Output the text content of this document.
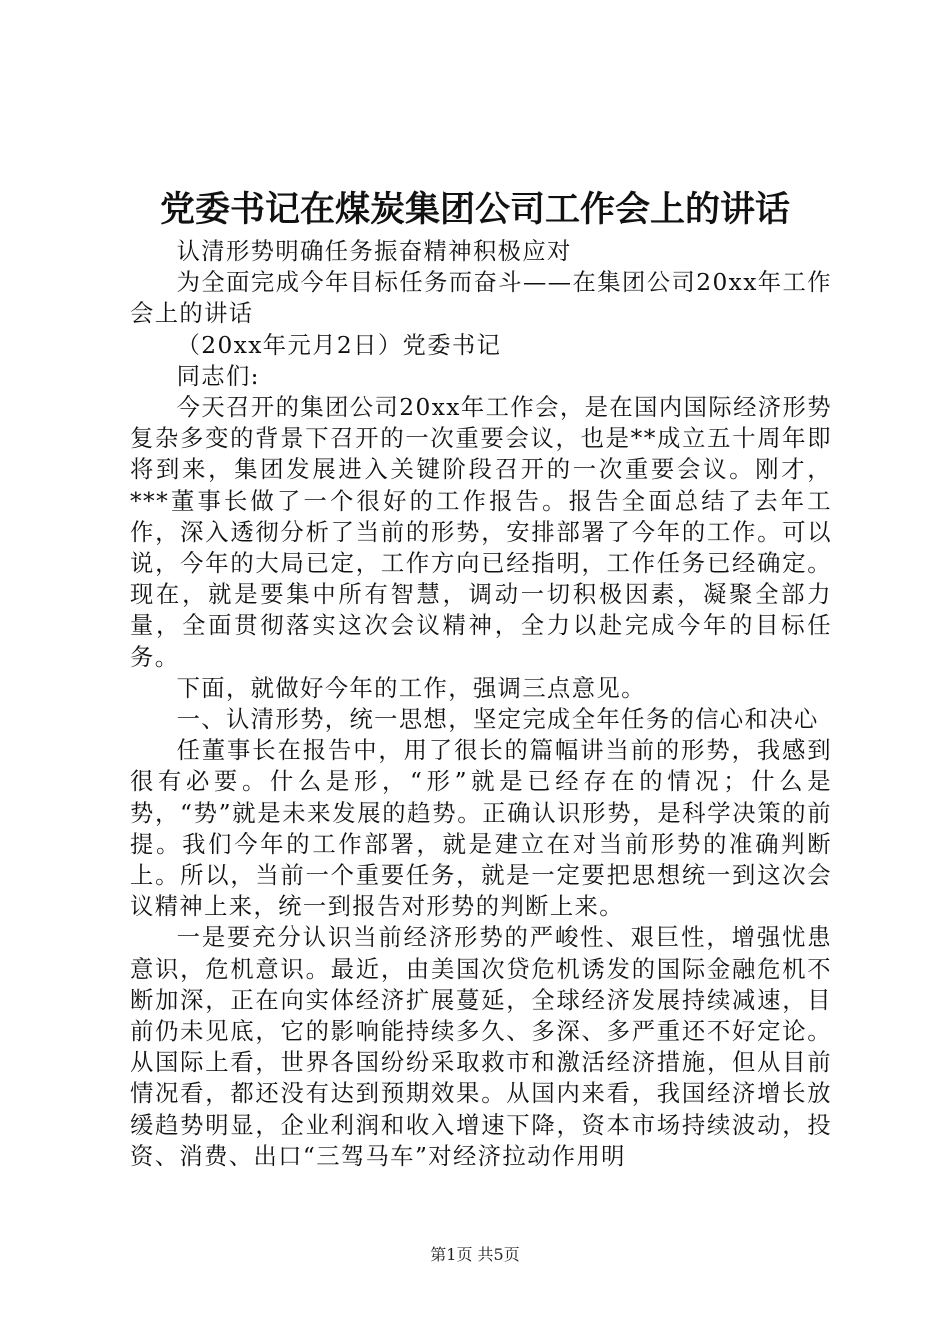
党委书记在煤炭集团公司工作会上的讲话

认清形势明确任务振奋精神积极应对

为全面完成今年目标任务而奋斗——在集团公司20xx年工作会上的讲话

（20xx年元月2日）党委书记

同志们:

今天召开的集团公司20xx年工作会，是在国内国际经济形势复杂多变的背景下召开的一次重要会议，也是**成立五十周年即将到来，集团发展进入关键阶段召开的一次重要会议。刚才，***董事长做了一个很好的工作报告。报告全面总结了去年工作，深入透彻分析了当前的形势，安排部署了今年的工作。可以说，今年的大局已定，工作方向已经指明，工作任务已经确定。现在，就是要集中所有智慧，调动一切积极因素，凝聚全部力量，全面贯彻落实这次会议精神，全力以赴完成今年的目标任务。

下面，就做好今年的工作，强调三点意见。

一、认清形势，统一思想，坚定完成全年任务的信心和决心

任董事长在报告中，用了很长的篇幅讲当前的形势，我感到很有必要。什么是形，“形”就是已经存在的情况；什么是势，“势”就是未来发展的趋势。正确认识形势，是科学决策的前提。我们今年的工作部署，就是建立在对当前形势的准确判断上。所以，当前一个重要任务，就是一定要把思想统一到这次会议精神上来，统一到报告对形势的判断上来。

一是要充分认识当前经济形势的严峻性、艰巨性，增强忧患意识，危机意识。最近，由美国次贷危机诱发的国际金融危机不断加深，正在向实体经济扩展蔓延，全球经济发展持续减速，目前仍未见底，它的影响能持续多久、多深、多严重还不好定论。从国际上看，世界各国纷纷采取救市和激活经济措施，但从目前情况看，都还没有达到预期效果。从国内来看，我国经济增长放缓趋势明显，企业利润和收入增速下降，资本市场持续波动，投资、消费、出口“三驾马车”对经济拉动作用明

第1页 共5页
